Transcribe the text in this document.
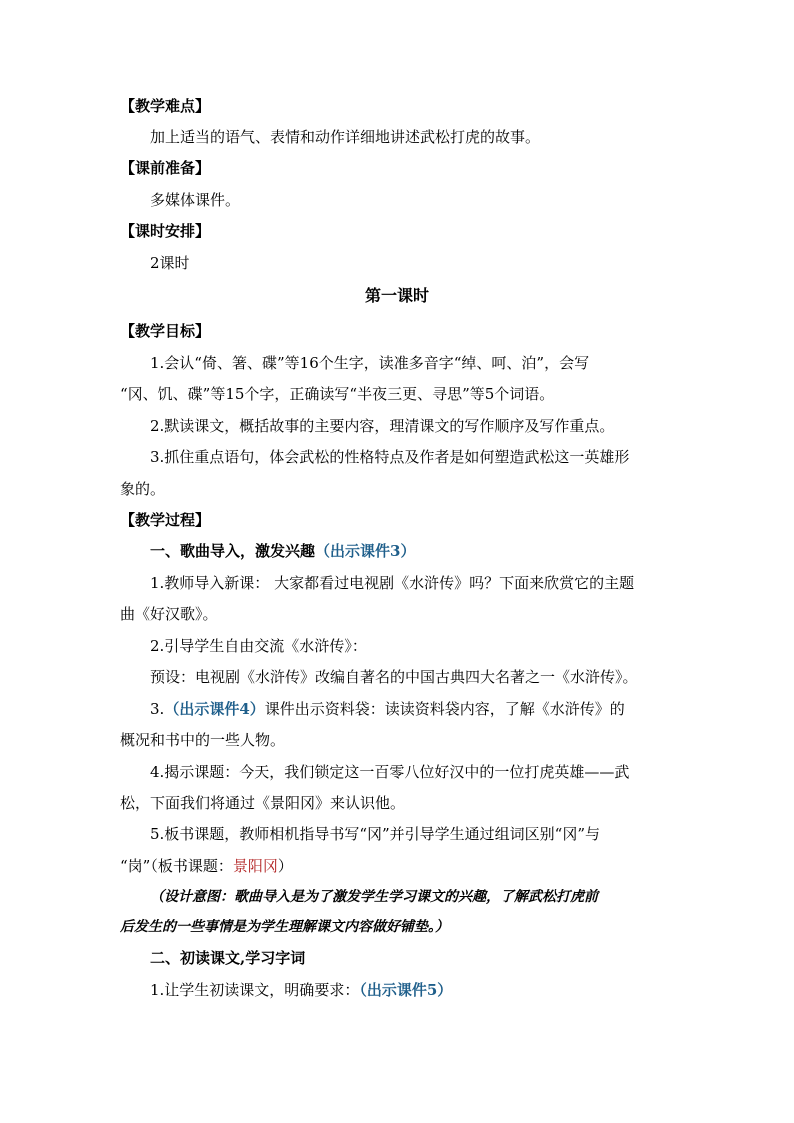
【教学难点】
加上适当的语气、表情和动作详细地讲述武松打虎的故事。
【课前准备】
多媒体课件。
【课时安排】
2课时
第一课时
【教学目标】
1.会认“倚、箸、碟”等16个生字，读准多音字“绰、呵、泊”，会写
“冈、饥、碟”等15个字，正确读写“半夜三更、寻思”等5个词语。
2.默读课文，概括故事的主要内容，理清课文的写作顺序及写作重点。
3.抓住重点语句，体会武松的性格特点及作者是如何塑造武松这一英雄形
象的。
【教学过程】
一、歌曲导入，激发兴趣（出示课件3）
1.教师导入新课： 大家都看过电视剧《水浒传》吗？下面来欣赏它的主题
曲《好汉歌》。
2.引导学生自由交流《水浒传》：
预设：电视剧《水浒传》改编自著名的中国古典四大名著之一《水浒传》。
3.（出示课件4）课件出示资料袋：读读资料袋内容，了解《水浒传》的
概况和书中的一些人物。
4.揭示课题：今天，我们锁定这一百零八位好汉中的一位打虎英雄——武
松，下面我们将通过《景阳冈》来认识他。
5.板书课题，教师相机指导书写“冈”并引导学生通过组词区别“冈”与
“岗”（板书课题：景阳冈）
（设计意图：歌曲导入是为了激发学生学习课文的兴趣，了解武松打虎前
后发生的一些事情是为学生理解课文内容做好铺垫。）
二、初读课文,学习字词
1.让学生初读课文，明确要求：（出示课件5）
